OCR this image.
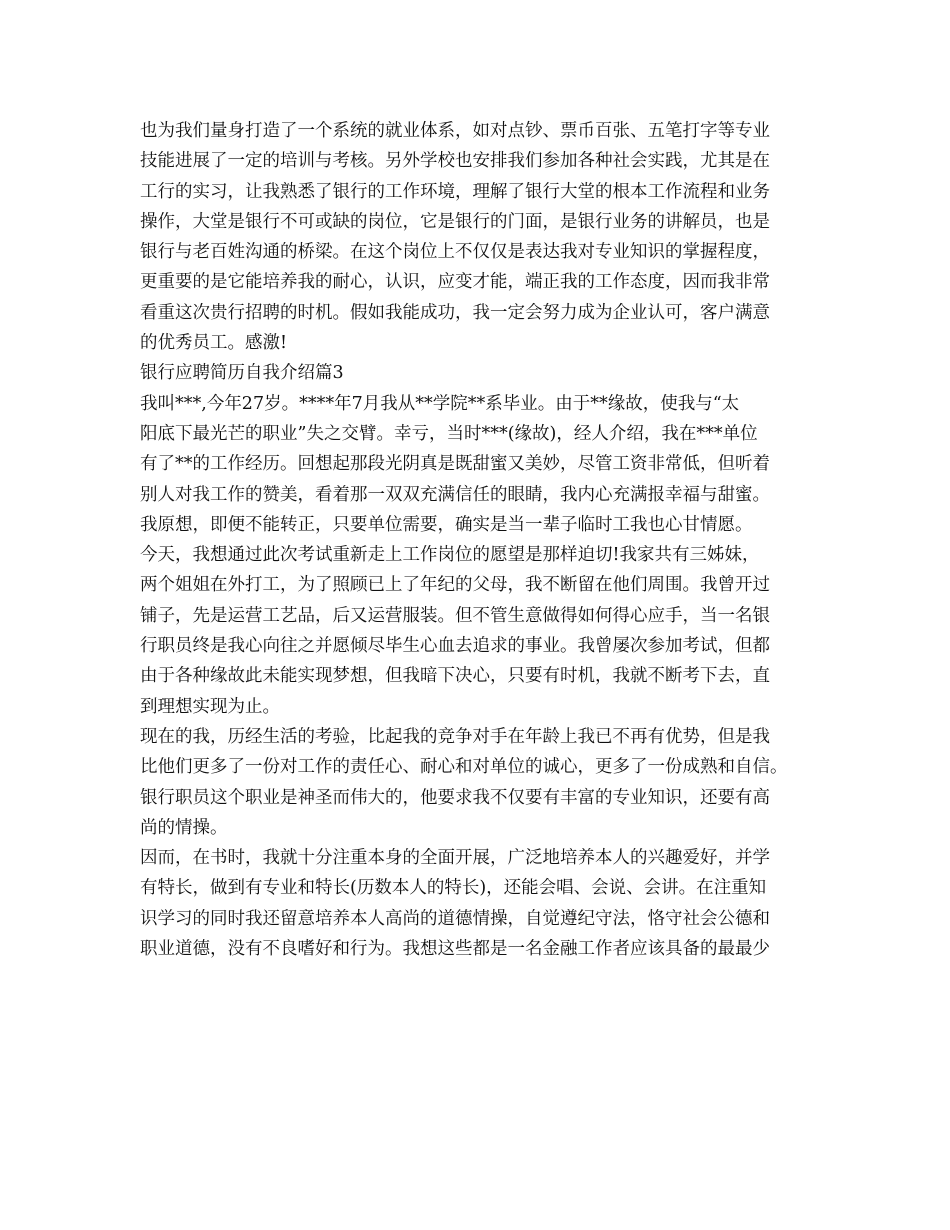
也为我们量身打造了一个系统的就业体系，如对点钞、票币百张、五笔打字等专业
技能进展了一定的培训与考核。另外学校也安排我们参加各种社会实践，尤其是在
工行的实习，让我熟悉了银行的工作环境，理解了银行大堂的根本工作流程和业务
操作，大堂是银行不可或缺的岗位，它是银行的门面，是银行业务的讲解员，也是
银行与老百姓沟通的桥梁。在这个岗位上不仅仅是表达我对专业知识的掌握程度，
更重要的是它能培养我的耐心，认识，应变才能，端正我的工作态度，因而我非常
看重这次贵行招聘的时机。假如我能成功，我一定会努力成为企业认可，客户满意
的优秀员工。感激!
银行应聘简历自我介绍篇3
我叫***,今年27岁。****年7月我从**学院**系毕业。由于**缘故，使我与“太
阳底下最光芒的职业”失之交臂。幸亏，当时***(缘故)，经人介绍，我在***单位
有了**的工作经历。回想起那段光阴真是既甜蜜又美妙，尽管工资非常低，但听着
别人对我工作的赞美，看着那一双双充满信任的眼睛，我内心充满报幸福与甜蜜。
我原想，即便不能转正，只要单位需要，确实是当一辈子临时工我也心甘情愿。
今天，我想通过此次考试重新走上工作岗位的愿望是那样迫切!我家共有三姊妹，
两个姐姐在外打工，为了照顾已上了年纪的父母，我不断留在他们周围。我曾开过
铺子，先是运营工艺品，后又运营服装。但不管生意做得如何得心应手，当一名银
行职员终是我心向往之并愿倾尽毕生心血去追求的事业。我曾屡次参加考试，但都
由于各种缘故此未能实现梦想，但我暗下决心，只要有时机，我就不断考下去，直
到理想实现为止。
现在的我，历经生活的考验，比起我的竞争对手在年龄上我已不再有优势，但是我
比他们更多了一份对工作的责任心、耐心和对单位的诚心，更多了一份成熟和自信。
银行职员这个职业是神圣而伟大的，他要求我不仅要有丰富的专业知识，还要有高
尚的情操。
因而，在书时，我就十分注重本身的全面开展，广泛地培养本人的兴趣爱好，并学
有特长，做到有专业和特长(历数本人的特长)，还能会唱、会说、会讲。在注重知
识学习的同时我还留意培养本人高尚的道德情操，自觉遵纪守法，恪守社会公德和
职业道德，没有不良嗜好和行为。我想这些都是一名金融工作者应该具备的最最少
